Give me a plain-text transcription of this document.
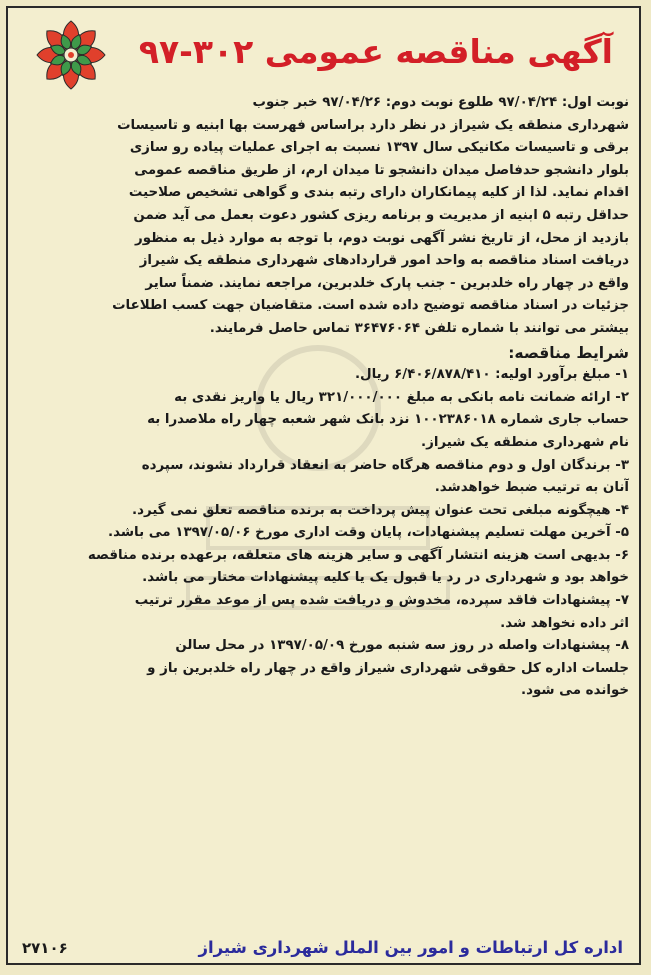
آگهی مناقصه عمومی ۳۰۲-۹۷
نوبت اول: ۹۷/۰۴/۲۴ طلوع نوبت دوم: ۹۷/۰۴/۲۶ خبر جنوب
شهرداری منطقه یک شیراز در نظر دارد براساس فهرست بها ابنیه و تاسیسات
برقی و تاسیسات مکانیکی سال ۱۳۹۷ نسبت به اجرای عملیات پیاده رو سازی
بلوار دانشجو حدفاصل میدان دانشجو تا میدان ارم، از طریق مناقصه عمومی
اقدام نماید. لذا از کلیه پیمانکاران دارای رتبه بندی و گواهی تشخیص صلاحیت
حداقل رتبه ۵ ابنیه از مدیریت و برنامه ریزی کشور دعوت بعمل می آید ضمن
بازدید از محل، از تاریخ نشر آگهی نوبت دوم، با توجه به موارد ذیل به منظور
دریافت اسناد مناقصه به واحد امور قراردادهای شهرداری منطقه یک شیراز
واقع در چهار راه خلدبرین - جنب پارک خلدبرین، مراجعه نمایند. ضمناً سایر
جزئیات در اسناد مناقصه توضیح داده شده است. متقاضیان جهت کسب اطلاعات
بیشتر می توانند با شماره تلفن ۳۶۴۷۶۰۶۴ تماس حاصل فرمایند.
شرایط مناقصه:
۱- مبلغ برآورد اولیه: ۶/۴۰۶/۸۷۸/۴۱۰ ریال.
۲- ارائه ضمانت نامه بانکی به مبلغ ۳۲۱/۰۰۰/۰۰۰ ریال یا واریز نقدی به
حساب جاری شماره ۱۰۰۲۳۸۶۰۱۸ نزد بانک شهر شعبه چهار راه ملاصدرا به
نام شهرداری منطقه یک شیراز.
۳- برندگان اول و دوم مناقصه هرگاه حاضر به انعقاد قرارداد نشوند، سپرده
آنان به ترتیب ضبط خواهدشد.
۴- هیچگونه مبلغی تحت عنوان پیش پرداخت به برنده مناقصه تعلق نمی گیرد.
۵- آخرین مهلت تسلیم پیشنهادات، پایان وقت اداری مورخ ۱۳۹۷/۰۵/۰۶ می باشد.
۶- بدیهی است هزینه انتشار آگهی و سایر هزینه های متعلقه، برعهده برنده مناقصه
خواهد بود و شهرداری در رد یا قبول یک یا کلیه پیشنهادات مختار می باشد.
۷- پیشنهادات فاقد سپرده، مخدوش و دریافت شده پس از موعد مقرر ترتیب
اثر داده نخواهد شد.
۸- پیشنهادات واصله در روز سه شنبه مورخ ۱۳۹۷/۰۵/۰۹ در محل سالن
جلسات اداره کل حقوقی شهرداری شیراز واقع در چهار راه خلدبرین باز و
خوانده می شود.
اداره کل ارتباطات و امور بین الملل شهرداری شیراز
۲۷۱۰۶
